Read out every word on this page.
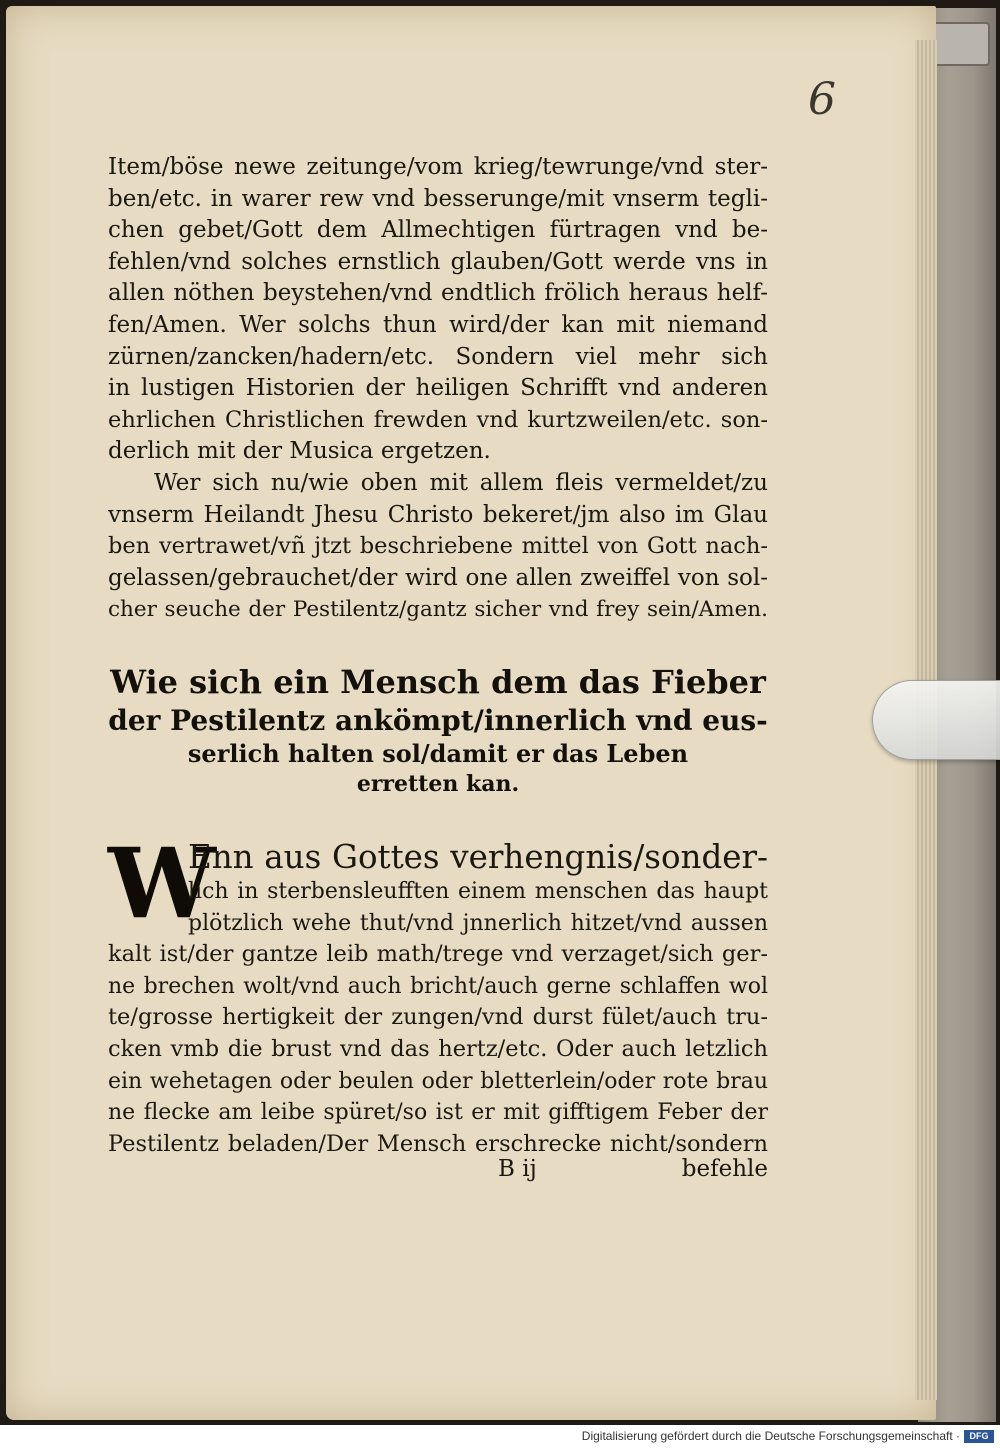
6
Item/böse newe zeitunge/vom krieg/tewrunge/vnd ster-
ben/etc. in warer rew vnd besserunge/mit vnserm tegli-
chen gebet/Gott dem Allmechtigen fürtragen vnd be-
fehlen/vnd solches ernstlich glauben/Gott werde vns in
allen nöthen beystehen/vnd endtlich frölich heraus helf-
fen/Amen. Wer solchs thun wird/der kan mit niemand
zürnen/zancken/hadern/etc. Sondern viel mehr sich
in lustigen Historien der heiligen Schrifft vnd anderen
ehrlichen Christlichen frewden vnd kurtzweilen/etc. son-
derlich mit der Musica ergetzen.
Wer sich nu/wie oben mit allem fleis vermeldet/zu
vnserm Heilandt Jhesu Christo bekeret/jm also im Glau
ben vertrawet/vñ jtzt beschriebene mittel von Gott nach-
gelassen/gebrauchet/der wird one allen zweiffel von sol-
cher seuche der Pestilentz/gantz sicher vnd frey sein/Amen.
Wie sich ein Mensch dem das Fieber
der Pestilentz ankömpt/innerlich vnd eus-
serlich halten sol/damit er das Leben
erretten kan.
W
Enn aus Gottes verhengnis/sonder-
lich in sterbensleufften einem menschen das haupt
plötzlich wehe thut/vnd jnnerlich hitzet/vnd aussen
kalt ist/der gantze leib math/trege vnd verzaget/sich ger-
ne brechen wolt/vnd auch bricht/auch gerne schlaffen wol
te/grosse hertigkeit der zungen/vnd durst fület/auch tru-
cken vmb die brust vnd das hertz/etc. Oder auch letzlich
ein wehetagen oder beulen oder bletterlein/oder rote brau
ne flecke am leibe spüret/so ist er mit gifftigem Feber der
Pestilentz beladen/Der Mensch erschrecke nicht/sondern
B ij	befehle
Digitalisierung gefördert durch die Deutsche Forschungsgemeinschaft ·	DFG
